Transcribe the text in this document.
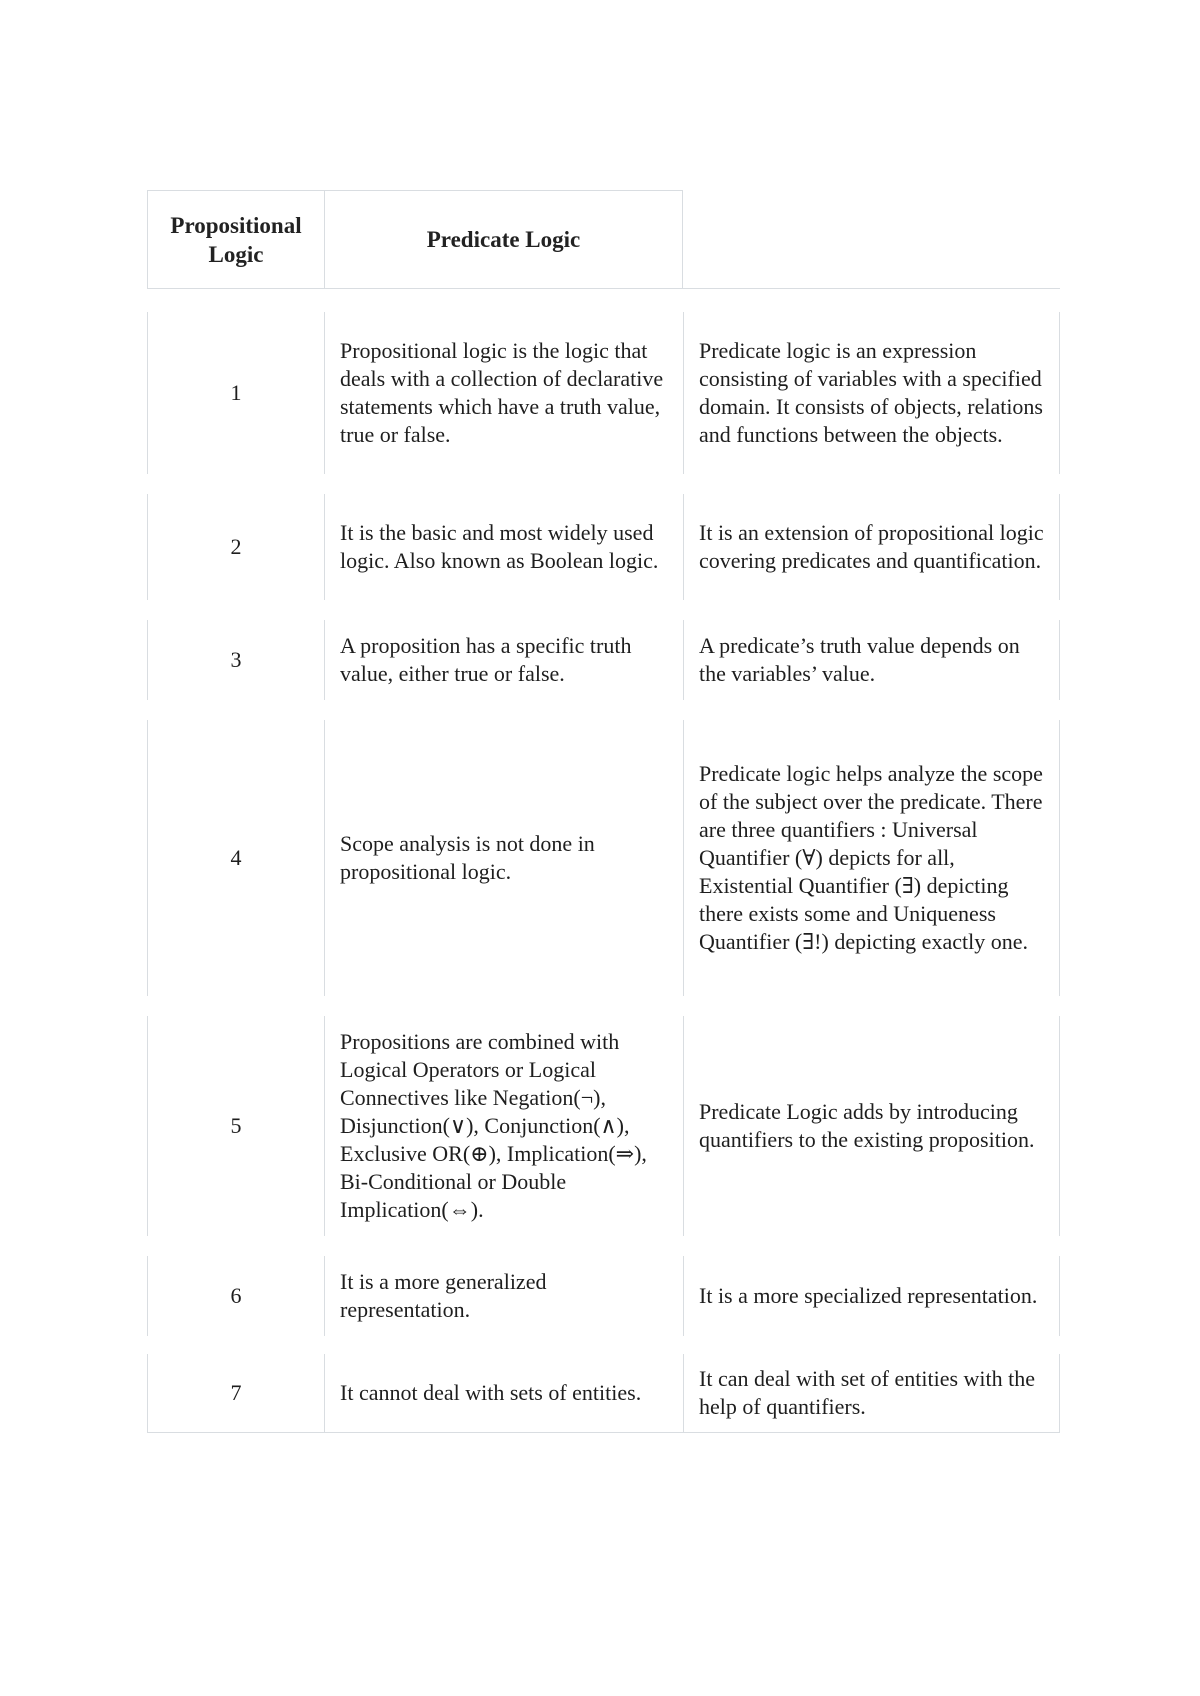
Propositional Logic
Predicate Logic
1
Propositional logic is the logic that deals with a collection of declarative statements which have a truth value, true or false.
Predicate logic is an expression consisting of variables with a specified domain. It consists of objects, relations and functions between the objects.
2
It is the basic and most widely used logic. Also known as Boolean logic.
It is an extension of propositional logic covering predicates and quantification.
3
A proposition has a specific truth value, either true or false.
A predicate’s truth value depends on the variables’ value.
4
Scope analysis is not done in propositional logic.
Predicate logic helps analyze the scope of the subject over the predicate. There are three quantifiers : Universal Quantifier (∀) depicts for all, Existential Quantifier (∃) depicting there exists some and Uniqueness Quantifier (∃!) depicting exactly one.
5
Propositions are combined with Logical Operators or Logical Connectives like Negation(¬), Disjunction(∨), Conjunction(∧), Exclusive OR(⊕), Implication(⇒), Bi-Conditional or Double Implication(⇔).
Predicate Logic adds by introducing quantifiers to the existing proposition.
6
It is a more generalized representation.
It is a more specialized representation.
7	It cannot deal with sets of entities.
It can deal with set of entities with the help of quantifiers.
